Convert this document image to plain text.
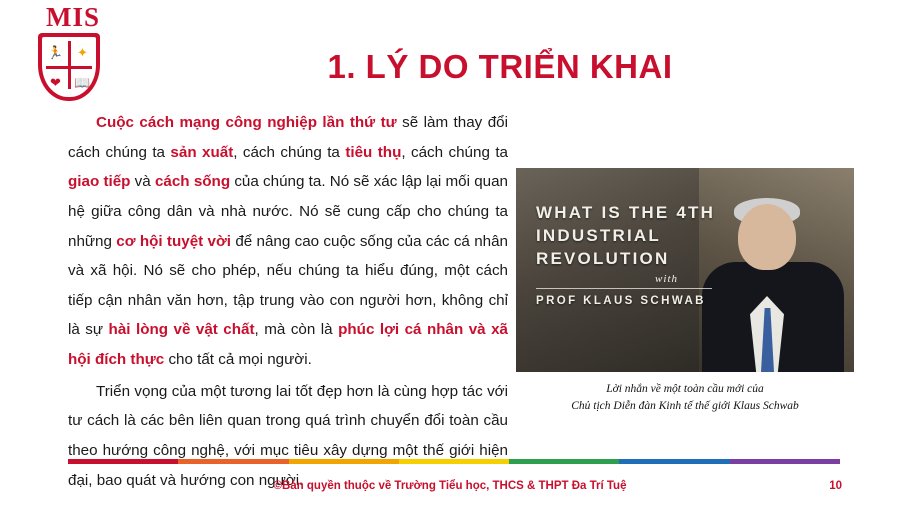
MIS
🏃 ✦
❤ 📖	1. LÝ DO TRIỂN KHAI

Cuộc cách mạng công nghiệp lần thứ tư sẽ làm thay đổi cách chúng ta sản xuất, cách chúng ta tiêu thụ, cách chúng ta giao tiếp và cách sống của chúng ta. Nó sẽ xác lập lại mối quan hệ giữa công dân và nhà nước. Nó sẽ cung cấp cho chúng ta những cơ hội tuyệt vời để nâng cao cuộc sống của các cá nhân và xã hội. Nó sẽ cho phép, nếu chúng ta hiểu đúng, một cách tiếp cận nhân văn hơn, tập trung vào con người hơn, không chỉ là sự hài lòng về vật chất, mà còn là phúc lợi cá nhân và xã hội đích thực cho tất cả mọi người.

Triển vọng của một tương lai tốt đẹp hơn là cùng hợp tác với tư cách là các bên liên quan trong quá trình chuyển đổi toàn cầu theo hướng công nghệ, với mục tiêu xây dựng một thế giới hiện đại, bao quát và hướng con người.

WHAT IS THE 4TH
INDUSTRIAL
REVOLUTION
with
PROF KLAUS SCHWAB
Lời nhắn về một toàn cầu mới của
Chủ tịch Diễn đàn Kinh tế thế giới Klaus Schwab
©Bản quyền thuộc về Trường Tiểu học, THCS & THPT Đa Trí Tuệ	10
